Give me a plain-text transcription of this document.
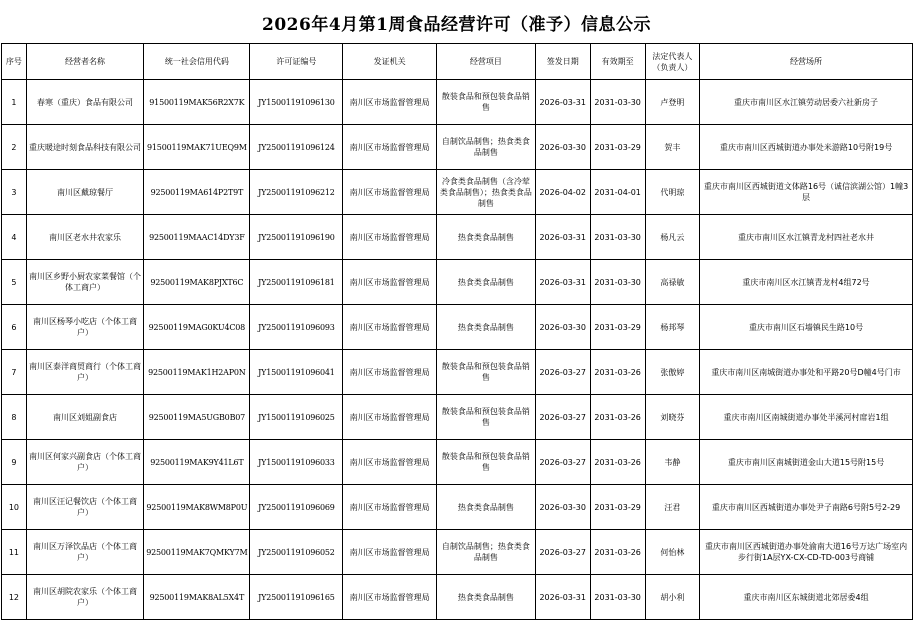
2026年4月第1周食品经营许可（准予）信息公示
序号	经营者名称	统一社会信用代码	许可证编号	发证机关	经营项目	签发日期	有效期至	法定代表人（负责人）	经营场所
1	春寒（重庆）食品有限公司	91500119MAK56R2X7K	JY15001191096130	南川区市场监督管理局	散装食品和预包装食品销售	2026-03-31	2031-03-30	卢登明	重庆市南川区水江镇劳动居委六社新房子
2	重庆暖途时刻食品科技有限公司	91500119MAK71UEQ9M	JY25001191096124	南川区市场监督管理局	自制饮品制售；热食类食品制售	2026-03-30	2031-03-29	贺丰	重庆市南川区西城街道办事处米游路10号附19号
3	南川区戴琼餐厅	92500119MA614P2T9T	JY25001191096212	南川区市场监督管理局	冷食类食品制售（含冷荤类食品制售）；热食类食品制售	2026-04-02	2031-04-01	代明琼	重庆市南川区西城街道文体路16号（诚信滨湖公馆）1幢3层
4	南川区老水井农家乐	92500119MAAC14DY3F	JY25001191096190	南川区市场监督管理局	热食类食品制售	2026-03-31	2031-03-30	杨凡云	重庆市南川区水江镇青龙村四社老水井
5	南川区乡野小厨农家菜餐馆（个体工商户）	92500119MAK8PJXT6C	JY25001191096181	南川区市场监督管理局	热食类食品制售	2026-03-31	2031-03-30	高禄敏	重庆市南川区水江镇青龙村4组72号
6	南川区杨琴小吃店（个体工商户）	92500119MAG0KU4C08	JY25001191096093	南川区市场监督管理局	热食类食品制售	2026-03-30	2031-03-29	杨邦琴	重庆市南川区石墙镇民生路10号
7	南川区泰洋商贸商行（个体工商户）	92500119MAK1H2AP0N	JY15001191096041	南川区市场监督管理局	散装食品和预包装食品销售	2026-03-27	2031-03-26	张傲婷	重庆市南川区南城街道办事处和平路20号D幢4号门市
8	南川区刘姐副食店	92500119MA5UGB0B07	JY15001191096025	南川区市场监督管理局	散装食品和预包装食品销售	2026-03-27	2031-03-26	刘晓芬	重庆市南川区南城街道办事处半溪河村席岩1组
9	南川区何家兴副食店（个体工商户）	92500119MAK9Y41L6T	JY15001191096033	南川区市场监督管理局	散装食品和预包装食品销售	2026-03-27	2031-03-26	韦静	重庆市南川区南城街道金山大道15号附15号
10	南川区汪记餐饮店（个体工商户）	92500119MAK8WM8P0U	JY25001191096069	南川区市场监督管理局	热食类食品制售	2026-03-30	2031-03-29	汪君	重庆市南川区西城街道办事处尹子南路6号附5号2-29
11	南川区万泽饮品店（个体工商户）	92500119MAK7QMKY7M	JY25001191096052	南川区市场监督管理局	自制饮品制售；热食类食品制售	2026-03-27	2031-03-26	何怡林	重庆市南川区西城街道办事处渝南大道16号万达广场室内步行街1A层YX-CX-CD-TD-003号商铺
12	南川区胡院农家乐（个体工商户）	92500119MAK8AL5X4T	JY25001191096165	南川区市场监督管理局	热食类食品制售	2026-03-31	2031-03-30	胡小利	重庆市南川区东城街道北郊居委4组
